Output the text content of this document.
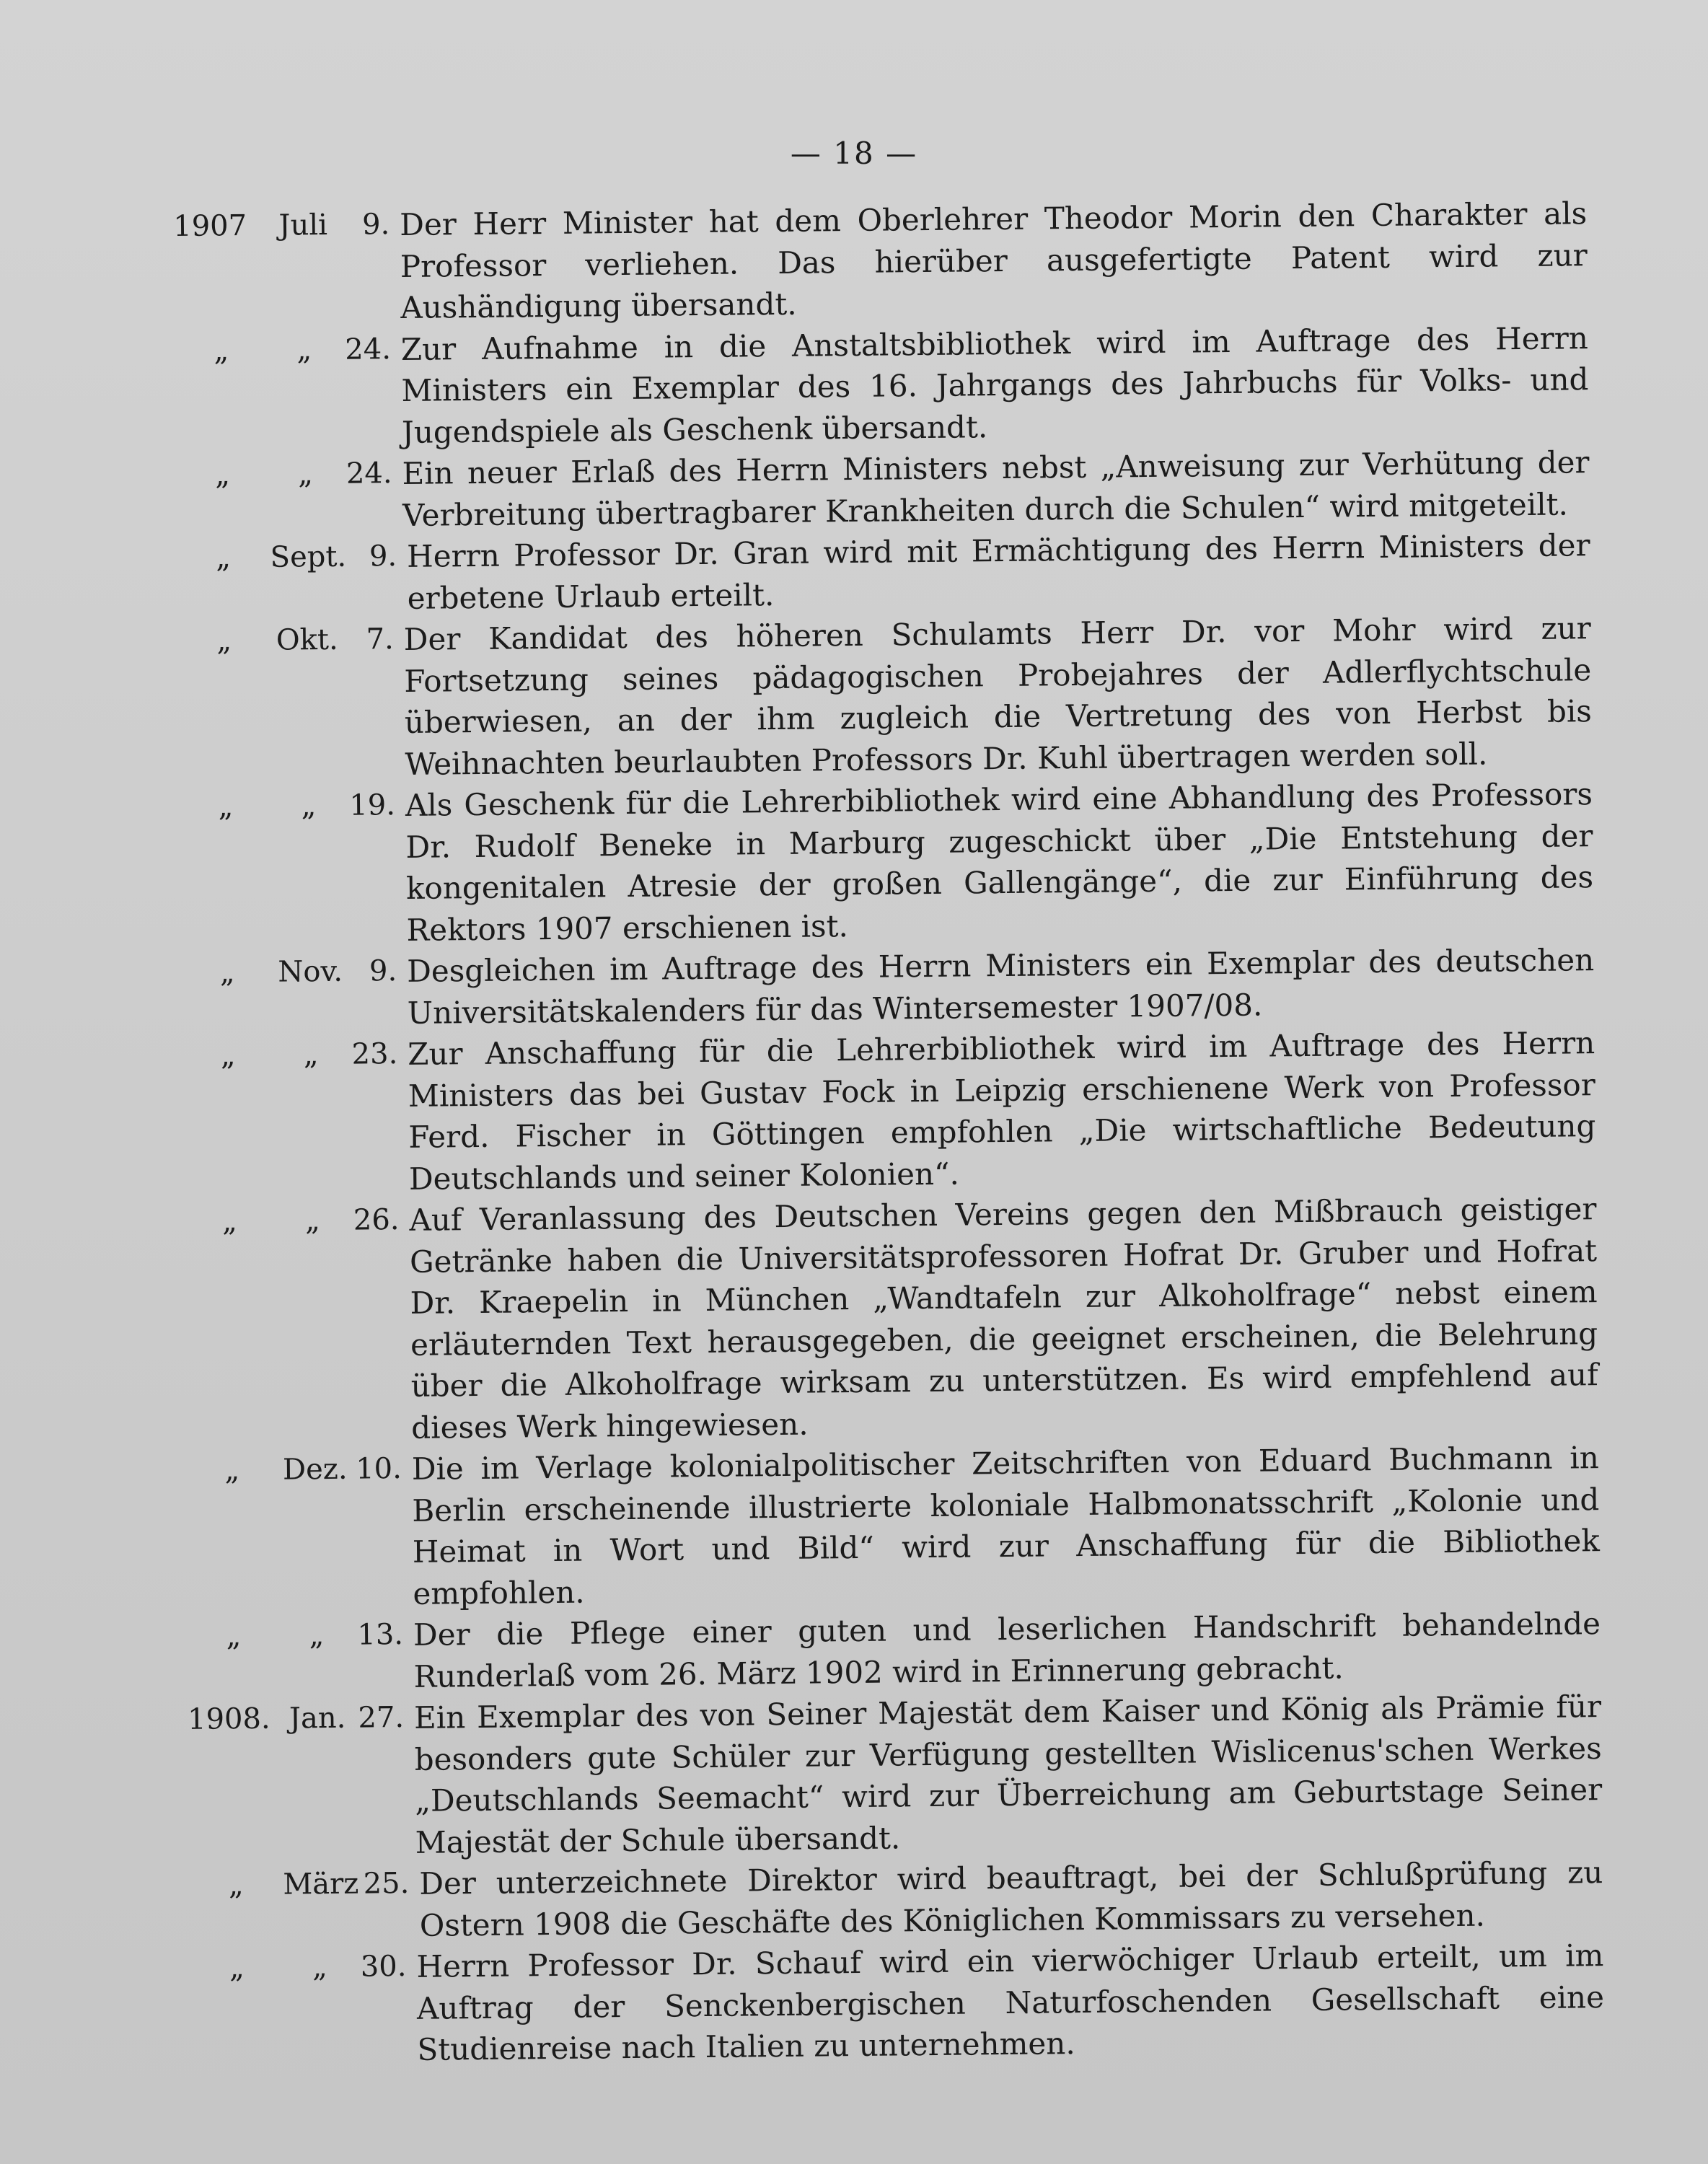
— 18 —
1907	Juli	9. Der Herr Minister hat dem Oberlehrer Theodor Morin den Charakter als Professor verliehen. Das hierüber ausgefertigte Patent wird zur Aushändigung übersandt.
„	„	24. Zur Aufnahme in die Anstaltsbibliothek wird im Auftrage des Herrn Ministers ein Exemplar des 16. Jahrgangs des Jahrbuchs für Volks- und Jugendspiele als Geschenk übersandt.
„	„	24. Ein neuer Erlaß des Herrn Ministers nebst „Anweisung zur Verhütung der Verbreitung übertragbarer Krankheiten durch die Schulen“ wird mitgeteilt.
„	Sept. 9. Herrn Professor Dr. Gran wird mit Ermächtigung des Herrn Ministers der erbetene Urlaub erteilt.
„	Okt. 7. Der Kandidat des höheren Schulamts Herr Dr. vor Mohr wird zur Fortsetzung seines pädagogischen Probejahres der Adlerflychtschule überwiesen, an der ihm zugleich die Vertretung des von Herbst bis Weihnachten beurlaubten Professors Dr. Kuhl übertragen werden soll.
„	„	19. Als Geschenk für die Lehrerbibliothek wird eine Abhandlung des Professors Dr. Rudolf Beneke in Marburg zugeschickt über „Die Entstehung der kongenitalen Atresie der großen Gallengänge“, die zur Einführung des Rektors 1907 erschienen ist.
„	Nov. 9. Desgleichen im Auftrage des Herrn Ministers ein Exemplar des deutschen Universitätskalenders für das Wintersemester 1907/08.
„	„	23. Zur Anschaffung für die Lehrerbibliothek wird im Auftrage des Herrn Ministers das bei Gustav Fock in Leipzig erschienene Werk von Professor Ferd. Fischer in Göttingen empfohlen „Die wirtschaftliche Bedeutung Deutschlands und seiner Kolonien“.
„	„	26. Auf Veranlassung des Deutschen Vereins gegen den Mißbrauch geistiger Getränke haben die Universitätsprofessoren Hofrat Dr. Gruber und Hofrat Dr. Kraepelin in München „Wandtafeln zur Alkoholfrage“ nebst einem erläuternden Text herausgegeben, die geeignet erscheinen, die Belehrung über die Alkoholfrage wirksam zu unterstützen. Es wird empfehlend auf dieses Werk hingewiesen.
„	Dez. 10. Die im Verlage kolonialpolitischer Zeitschriften von Eduard Buchmann in Berlin erscheinende illustrierte koloniale Halbmonatsschrift „Kolonie und Heimat in Wort und Bild“ wird zur Anschaffung für die Bibliothek empfohlen.
„	„	13. Der die Pflege einer guten und leserlichen Handschrift behandelnde Runderlaß vom 26. März 1902 wird in Erinnerung gebracht.
1908. Jan. 27. Ein Exemplar des von Seiner Majestät dem Kaiser und König als Prämie für besonders gute Schüler zur Verfügung gestellten Wislicenus'schen Werkes „Deutschlands Seemacht“ wird zur Überreichung am Geburtstage Seiner Majestät der Schule übersandt.
„	März 25. Der unterzeichnete Direktor wird beauftragt, bei der Schlußprüfung zu Ostern 1908 die Geschäfte des Königlichen Kommissars zu versehen.
„	„	30. Herrn Professor Dr. Schauf wird ein vierwöchiger Urlaub erteilt, um im Auftrag der Senckenbergischen Naturfoschenden Gesellschaft eine Studienreise nach Italien zu unternehmen.
